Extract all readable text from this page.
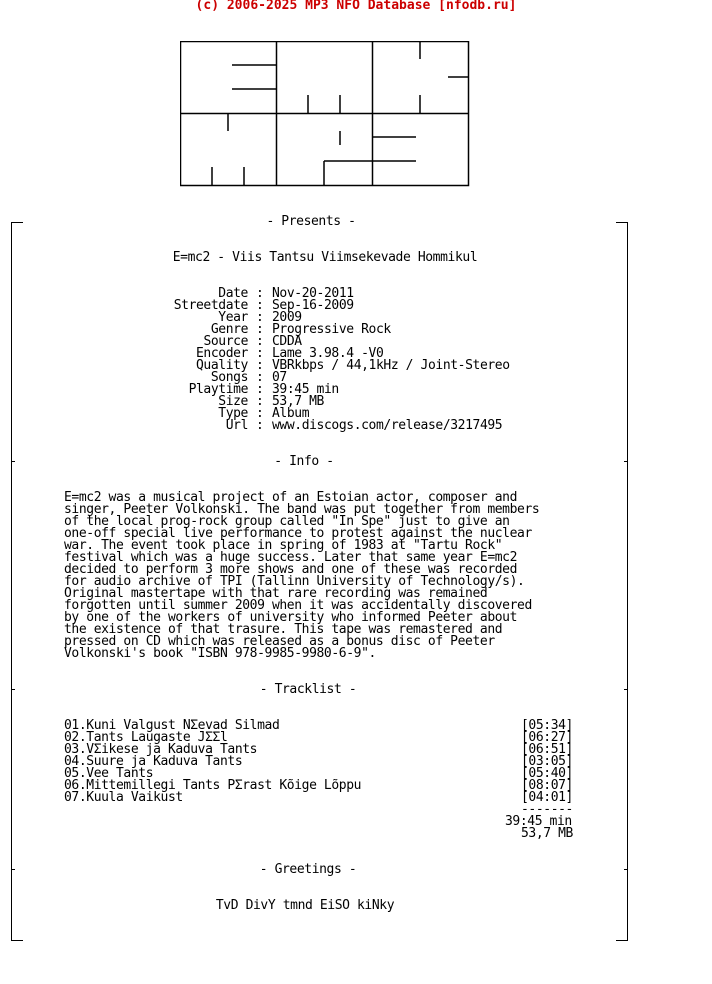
(c) 2006-2025 MP3 NFO Database [nfodb.ru]
- Presents -
E=mc2 - Viis Tantsu Viimsekevade Hommikul
Date : Nov-20-2011
Streetdate : Sep-16-2009
Year : 2009
Genre : Progressive Rock
Source : CDDA
Encoder : Lame 3.98.4 -V0
Quality : VBRkbps / 44,1kHz / Joint-Stereo
Songs : 07
Playtime : 39:45 min
Size : 53,7 MB
Type : Album
Url : www.discogs.com/release/3217495
- Info -
E=mc2 was a musical project of an Estoian actor, composer and
singer, Peeter Volkonski. The band was put together from members
of the local prog-rock group called "In Spe" just to give an
one-off special live performance to protest against the nuclear
war. The event took place in spring of 1983 at "Tartu Rock"
festival which was a huge success. Later that same year E=mc2
decided to perform 3 more shows and one of these was recorded
for audio archive of TPI (Tallinn University of Technology/s).
Original mastertape with that rare recording was remained
forgotten until summer 2009 when it was accidentally discovered
by one of the workers of university who informed Peeter about
the existence of that trasure. This tape was remastered and
pressed on CD which was released as a bonus disc of Peeter
Volkonski's book "ISBN 978-9985-9980-6-9".
- Tracklist -
01.Kuni Valgust NΣevad Silmad	[05:34]
02.Tants Laugaste JΣΣl	[06:27]
03.VΣikese ja Kaduva Tants	[06:51]
04.Suure ja Kaduva Tants	[03:05]
05.Vee Tants	[05:40]
06.Mittemillegi Tants PΣrast Kõige Lõppu	[08:07]
07.Kuula Vaikust	[04:01]
-------
39:45 min
53,7 MB
- Greetings -
TvD DivY tmnd EiSO kiNky
